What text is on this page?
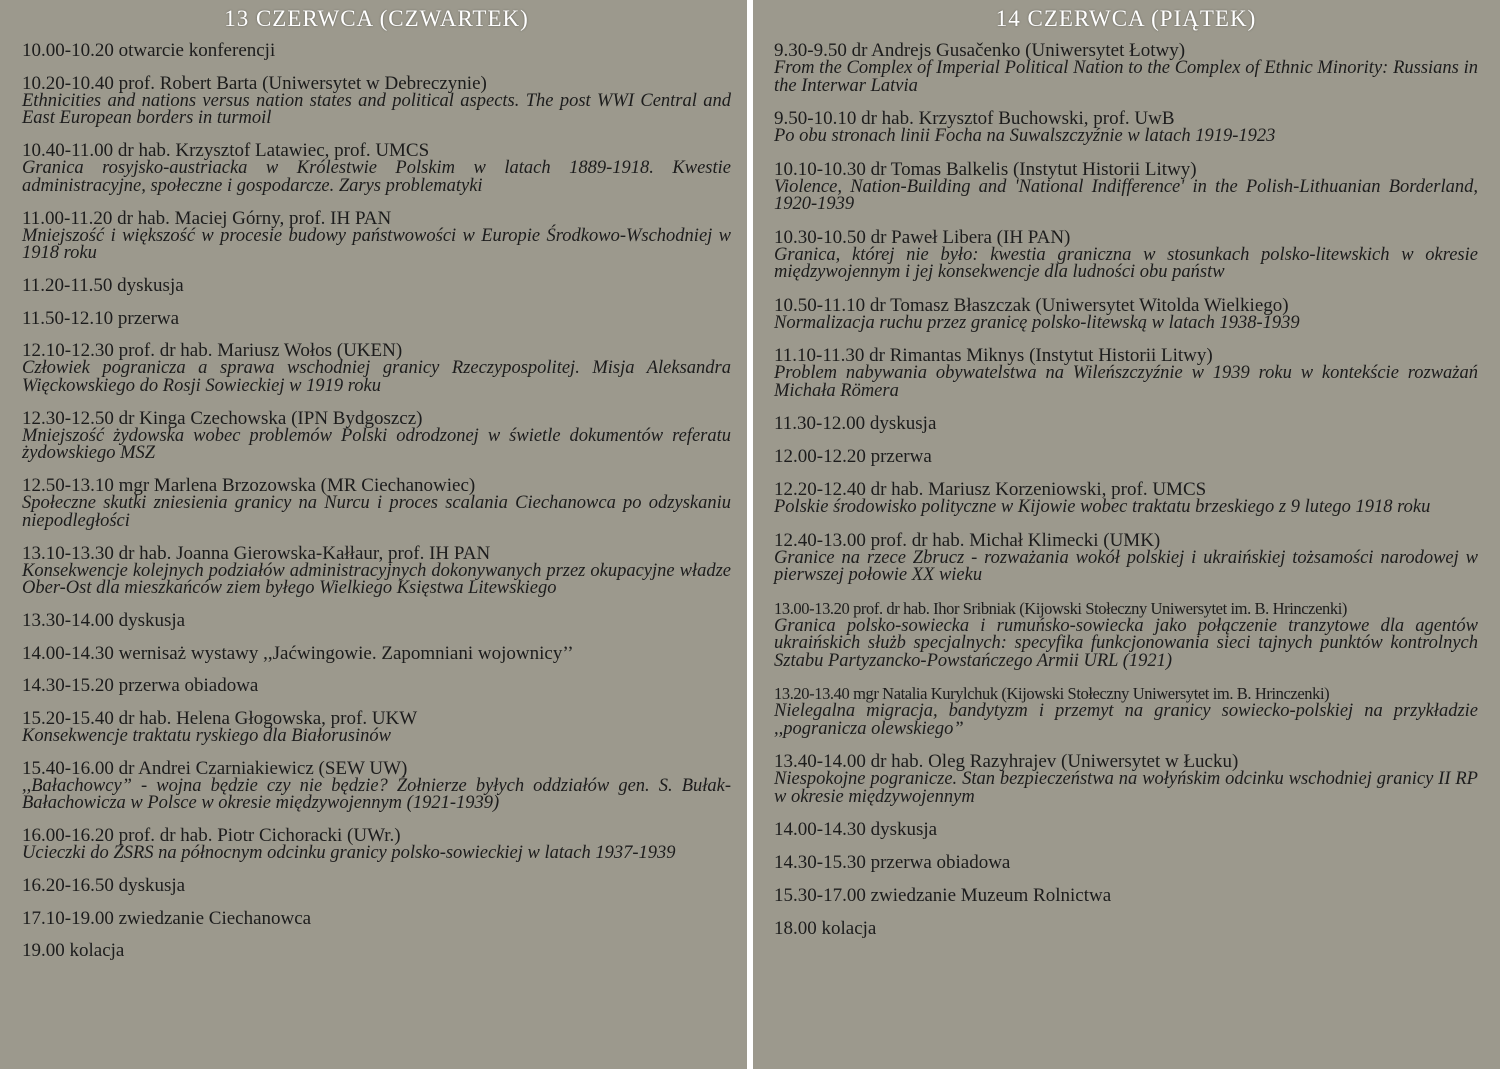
13 CZERWCA (CZWARTEK)
10.00-10.20 otwarcie konferencji
10.20-10.40 prof. Robert Barta (Uniwersytet w Debreczynie)
Ethnicities and nations versus nation states and political aspects. The post WWI Central and East European borders in turmoil
10.40-11.00 dr hab. Krzysztof Latawiec, prof. UMCS
Granica rosyjsko-austriacka w Królestwie Polskim w latach 1889-1918. Kwestie administracyjne, społeczne i gospodarcze. Zarys problematyki
11.00-11.20 dr hab. Maciej Górny, prof. IH PAN
Mniejszość i większość w procesie budowy państwowości w Europie Środkowo-Wschodniej w 1918 roku
11.20-11.50 dyskusja
11.50-12.10 przerwa
12.10-12.30 prof. dr hab. Mariusz Wołos (UKEN)
Człowiek pogranicza a sprawa wschodniej granicy Rzeczypospolitej. Misja Aleksandra Więckowskiego do Rosji Sowieckiej w 1919 roku
12.30-12.50 dr Kinga Czechowska (IPN Bydgoszcz)
Mniejszość żydowska wobec problemów Polski odrodzonej w świetle dokumentów referatu żydowskiego MSZ
12.50-13.10 mgr Marlena Brzozowska (MR Ciechanowiec)
Społeczne skutki zniesienia granicy na Nurcu i proces scalania Ciechanowca po odzyskaniu niepodległości
13.10-13.30 dr hab. Joanna Gierowska-Kałłaur, prof. IH PAN
Konsekwencje kolejnych podziałów administracyjnych dokonywanych przez okupacyjne władze Ober-Ost dla mieszkańców ziem byłego Wielkiego Księstwa Litewskiego
13.30-14.00 dyskusja
14.00-14.30 wernisaż wystawy ,,Jaćwingowie. Zapomniani wojownicy’’
14.30-15.20 przerwa obiadowa
15.20-15.40 dr hab. Helena Głogowska, prof. UKW
Konsekwencje traktatu ryskiego dla Białorusinów
15.40-16.00 dr Andrei Czarniakiewicz (SEW UW)
,,Bałachowcy” - wojna będzie czy nie będzie? Żołnierze byłych oddziałów gen. S. Bułak-Bałachowicza w Polsce w okresie międzywojennym (1921-1939)
16.00-16.20 prof. dr hab. Piotr Cichoracki (UWr.)
Ucieczki do ZSRS na północnym odcinku granicy polsko-sowieckiej w latach 1937-1939
16.20-16.50 dyskusja
17.10-19.00 zwiedzanie Ciechanowca
19.00 kolacja
14 CZERWCA (PIĄTEK)
9.30-9.50 dr Andrejs Gusačenko (Uniwersytet Łotwy)
From the Complex of Imperial Political Nation to the Complex of Ethnic Minority: Russians in the Interwar Latvia
9.50-10.10 dr hab. Krzysztof Buchowski, prof. UwB
Po obu stronach linii Focha na Suwalszczyźnie w latach 1919-1923
10.10-10.30 dr Tomas Balkelis (Instytut Historii Litwy)
Violence, Nation-Building and 'National Indifference' in the Polish-Lithuanian Borderland, 1920-1939
10.30-10.50 dr Paweł Libera (IH PAN)
Granica, której nie było: kwestia graniczna w stosunkach polsko-litewskich w okresie międzywojennym i jej konsekwencje dla ludności obu państw
10.50-11.10 dr Tomasz Błaszczak (Uniwersytet Witolda Wielkiego)
Normalizacja ruchu przez granicę polsko-litewską w latach 1938-1939
11.10-11.30 dr Rimantas Miknys (Instytut Historii Litwy)
Problem nabywania obywatelstwa na Wileńszczyźnie w 1939 roku w kontekście rozważań Michała Römera
11.30-12.00 dyskusja
12.00-12.20 przerwa
12.20-12.40 dr hab. Mariusz Korzeniowski, prof. UMCS
Polskie środowisko polityczne w Kijowie wobec traktatu brzeskiego z 9 lutego 1918 roku
12.40-13.00 prof. dr hab. Michał Klimecki (UMK)
Granice na rzece Zbrucz - rozważania wokół polskiej i ukraińskiej tożsamości narodowej w pierwszej połowie XX wieku
13.00-13.20 prof. dr hab. Ihor Sribniak (Kijowski Stołeczny Uniwersytet im. B. Hrinczenki)
Granica polsko-sowiecka i rumuńsko-sowiecka jako połączenie tranzytowe dla agentów ukraińskich służb specjalnych: specyfika funkcjonowania sieci tajnych punktów kontrolnych Sztabu Partyzancko-Powstańczego Armii URL (1921)
13.20-13.40 mgr Natalia Kurylchuk (Kijowski Stołeczny Uniwersytet im. B. Hrinczenki)
Nielegalna migracja, bandytyzm i przemyt na granicy sowiecko-polskiej na przykładzie ,,pogranicza olewskiego”
13.40-14.00 dr hab. Oleg Razyhrajev (Uniwersytet w Łucku)
Niespokojne pogranicze. Stan bezpieczeństwa na wołyńskim odcinku wschodniej granicy II RP w okresie międzywojennym
14.00-14.30 dyskusja
14.30-15.30 przerwa obiadowa
15.30-17.00 zwiedzanie Muzeum Rolnictwa
18.00 kolacja
